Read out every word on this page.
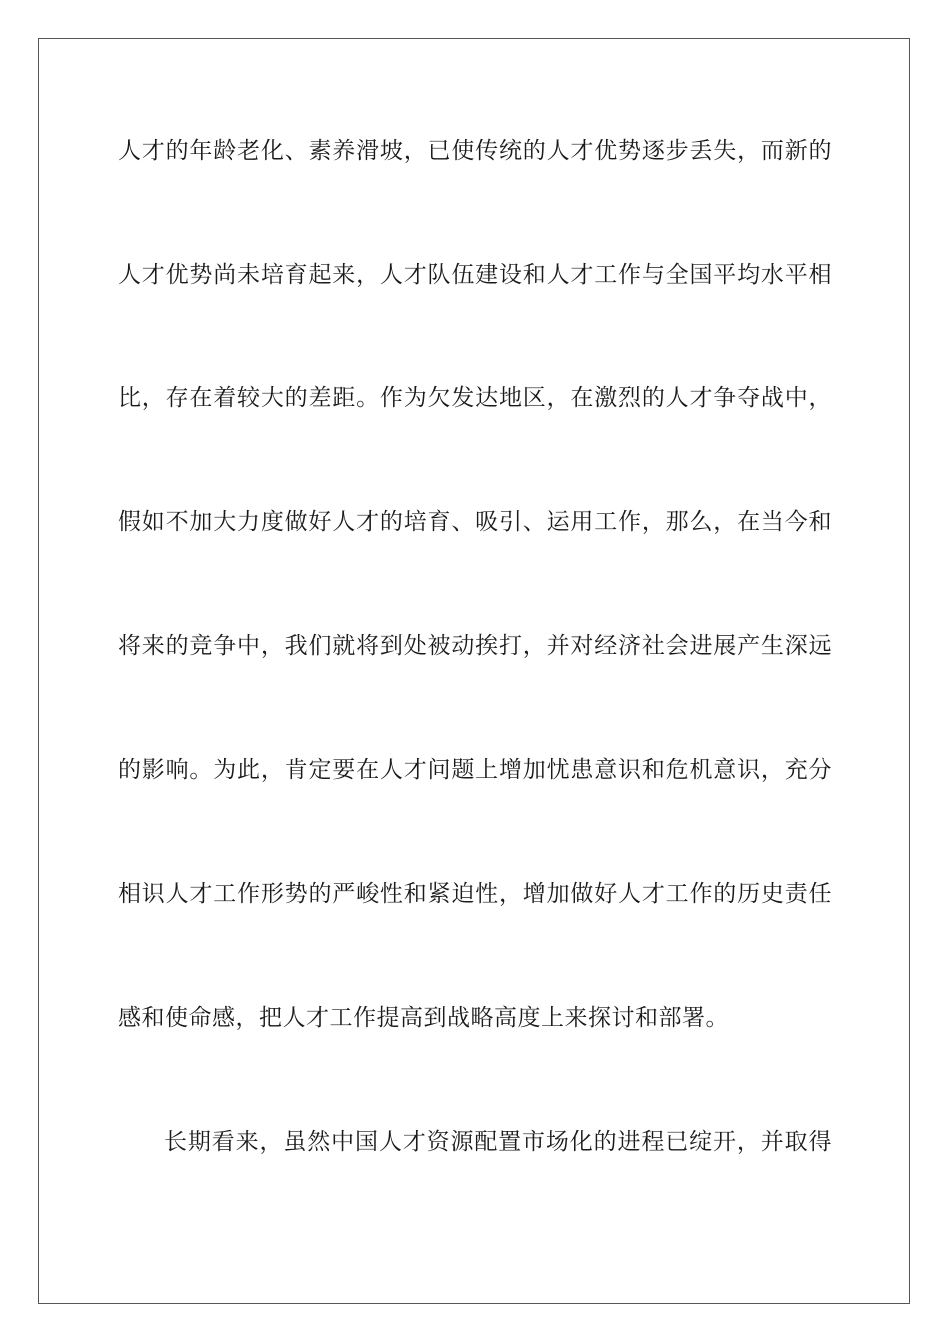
人才的年龄老化、素养滑坡，已使传统的人才优势逐步丢失，而新的
人才优势尚未培育起来，人才队伍建设和人才工作与全国平均水平相
比，存在着较大的差距。作为欠发达地区，在激烈的人才争夺战中，
假如不加大力度做好人才的培育、吸引、运用工作，那么，在当今和
将来的竞争中，我们就将到处被动挨打，并对经济社会进展产生深远
的影响。为此，肯定要在人才问题上增加忧患意识和危机意识，充分
相识人才工作形势的严峻性和紧迫性，增加做好人才工作的历史责任
感和使命感，把人才工作提高到战略高度上来探讨和部署。
长期看来，虽然中国人才资源配置市场化的进程已绽开，并取得
